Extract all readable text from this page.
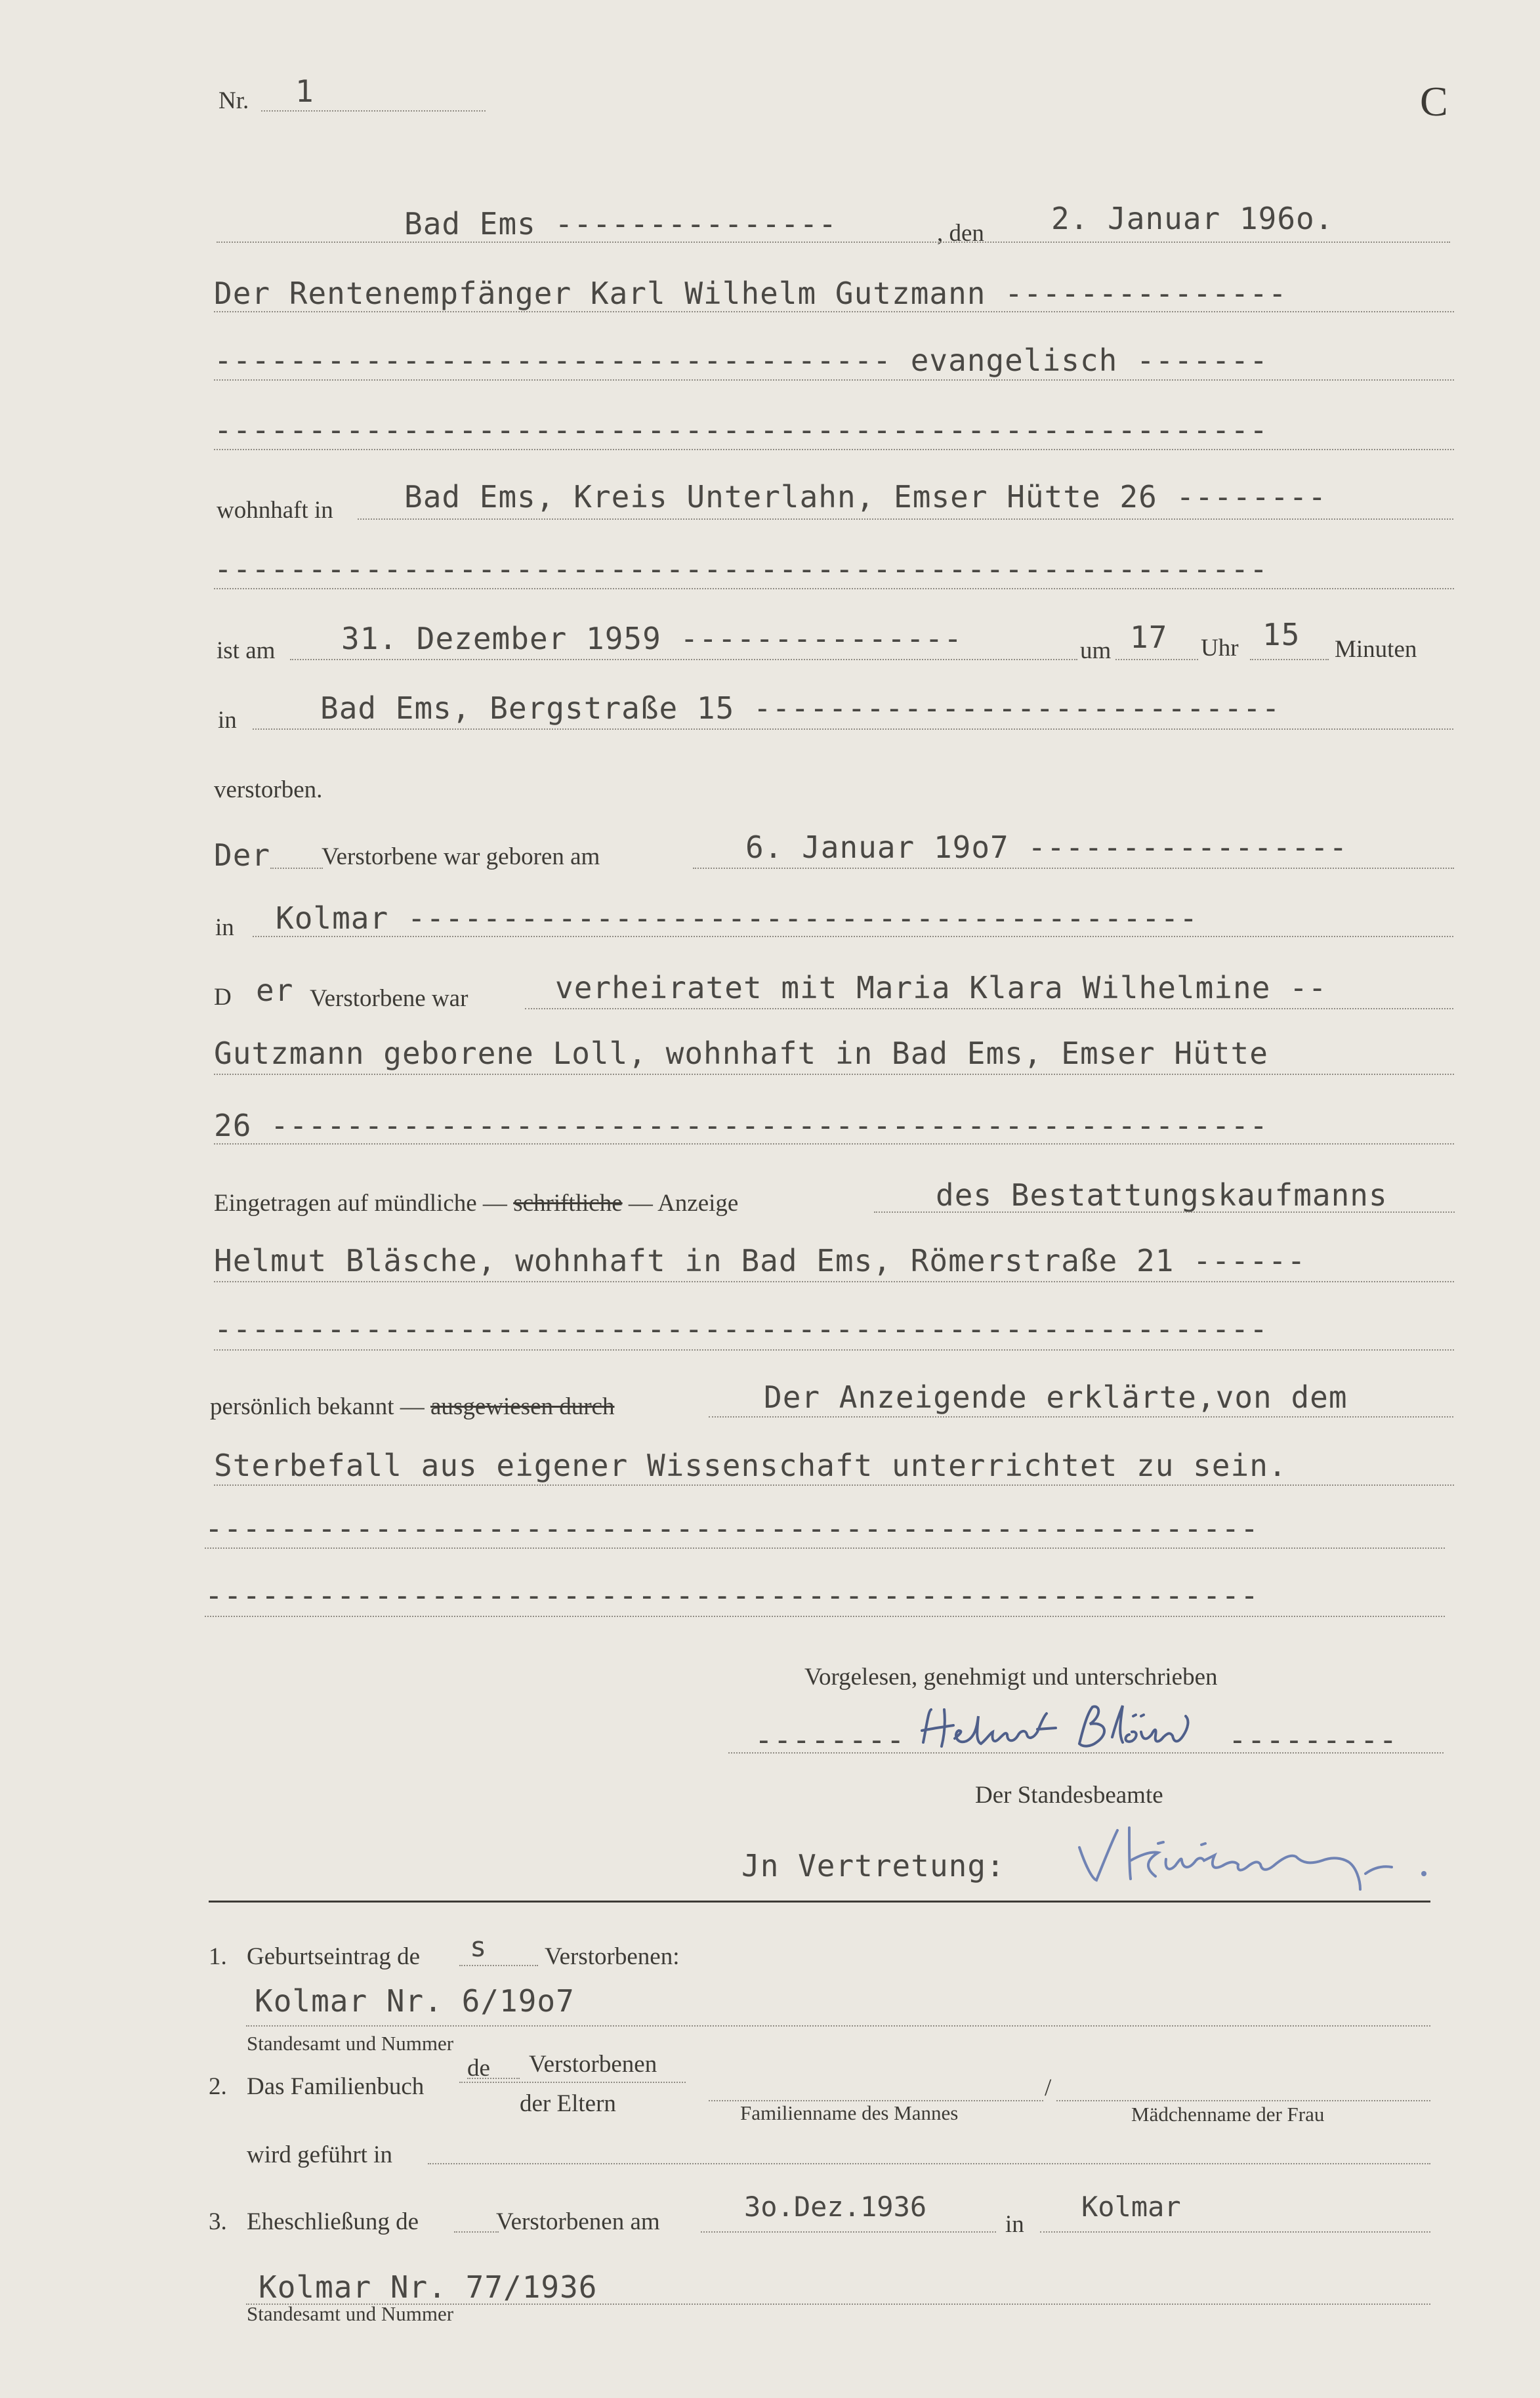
Nr. 1	C
Bad Ems ---------------	, den 2. Januar 196o.
Der Rentenempfänger Karl Wilhelm Gutzmann ---------------
------------------------------------ evangelisch -------
--------------------------------------------------------
wohnhaft in Bad Ems, Kreis Unterlahn, Emser Hütte 26 --------
--------------------------------------------------------
ist am 31. Dezember 1959 ---------------	um 17 Uhr 15 Minuten
in	Bad Ems, Bergstraße 15 ----------------------------
verstorben.
Der Verstorbene war geboren am	6. Januar 19o7 -----------------
in Kolmar ------------------------------------------
D er Verstorbene war	verheiratet mit Maria Klara Wilhelmine --
Gutzmann geborene Loll, wohnhaft in Bad Ems, Emser Hütte
26 -----------------------------------------------------
Eingetragen auf mündliche — schriftliche — Anzeige	des Bestattungskaufmanns
Helmut Bläsche, wohnhaft in Bad Ems, Römerstraße 21 ------
--------------------------------------------------------
persönlich bekannt — ausgewiesen durch	Der Anzeigende erklärte,von dem
Sterbefall aus eigener Wissenschaft unterrichtet zu sein.
--------------------------------------------------------
--------------------------------------------------------
Vorgelesen, genehmigt und unterschrieben
--------	---------
Der Standesbeamte
Jn Vertretung:
1. Geburtseintrag de s Verstorbenen:
Kolmar Nr. 6/19o7
Standesamt und Nummer
2. Das Familienbuch
de Verstorbenen
der Eltern
/
Familienname des Mannes	Mädchenname der Frau
wird geführt in
3. Eheschließung de	Verstorbenen am	3o.Dez.1936
in
Kolmar
Kolmar Nr. 77/1936
Standesamt und Nummer
